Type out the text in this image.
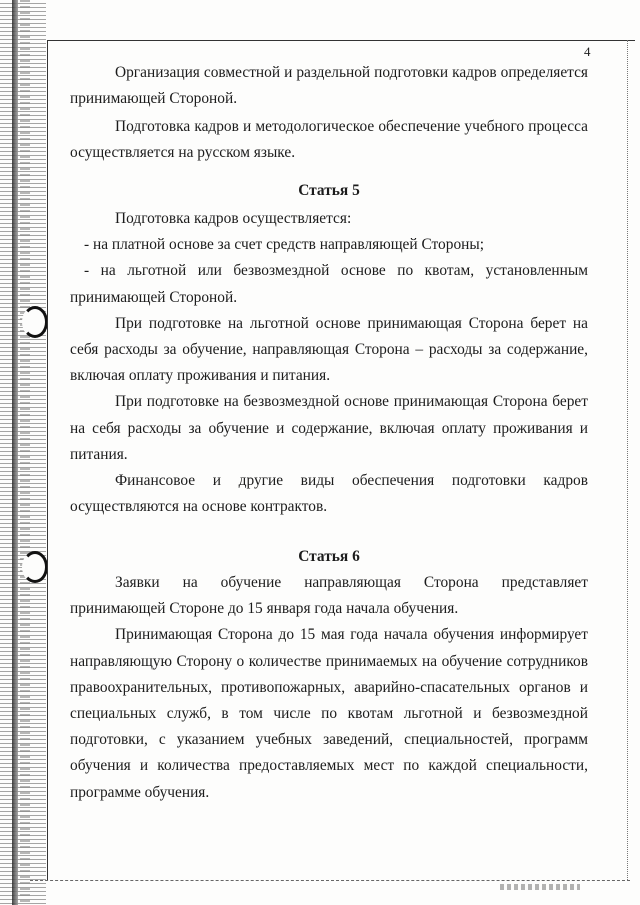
4

Организация совместной и раздельной подготовки кадров определяется принимающей Стороной.

Подготовка кадров и методологическое обеспечение учебного процесса осуществляется на русском языке.

Статья 5

Подготовка кадров осуществляется:

- на платной основе за счет средств направляющей Стороны;

- на льготной или безвозмездной основе по квотам, установленным принимающей Стороной.

При подготовке на льготной основе принимающая Сторона берет на себя расходы за обучение, направляющая Сторона – расходы за содержание, включая оплату проживания и питания.

При подготовке на безвозмездной основе принимающая Сторона берет на себя расходы за обучение и содержание, включая оплату проживания и питания.

Финансовое и другие виды обеспечения подготовки кадров осуществляются на основе контрактов.

Статья 6

Заявки на обучение направляющая Сторона представляет принимающей Стороне до 15 января года начала обучения.

Принимающая Сторона до 15 мая года начала обучения информирует направляющую Сторону о количестве принимаемых на обучение сотрудников правоохранительных, противопожарных, аварийно-спасательных органов и специальных служб, в том числе по квотам льготной и безвозмездной подготовки, с указанием учебных заведений, специальностей, программ обучения и количества предоставляемых мест по каждой специальности, программе обучения.
